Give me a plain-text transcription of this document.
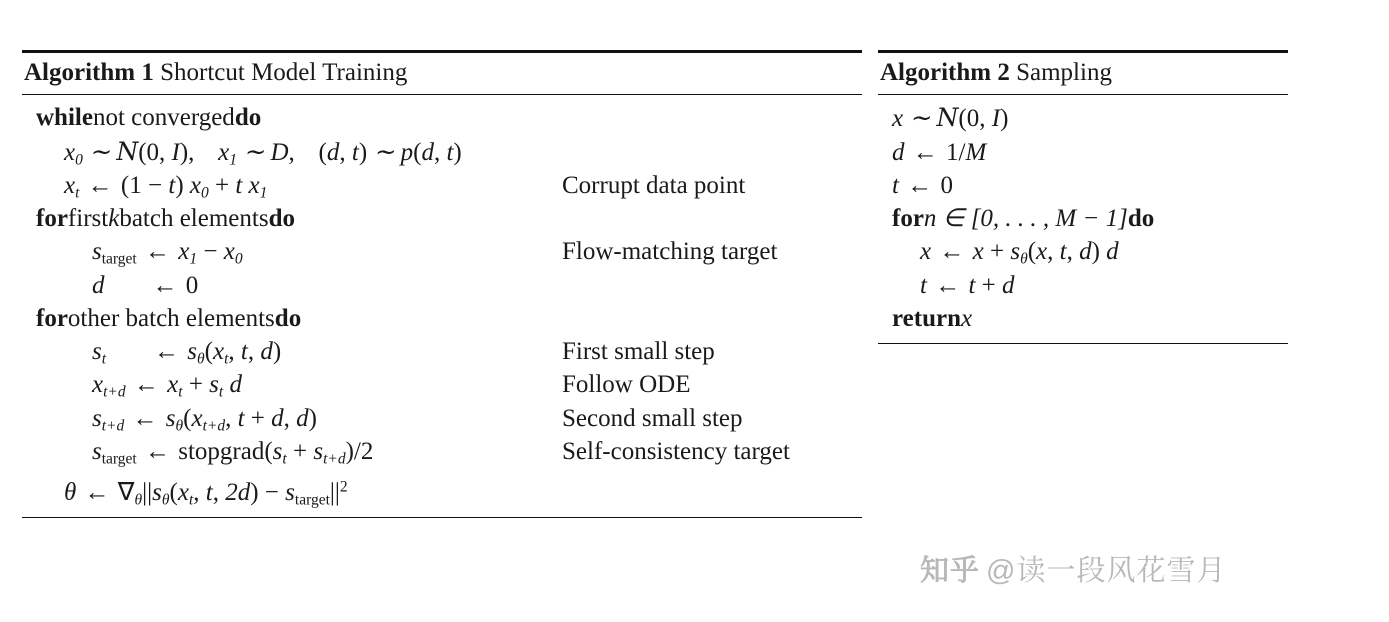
Algorithm 1 Shortcut Model Training
while not converged do
$x_0$ ∼ N(0, I), $x_1$ ∼ D, (d, t) ∼ p(d, t)
$x_t$ ← (1 − t) $x_0 + t$ $x_1$	Corrupt data point
for first k batch elements do
$s_{target}$ ← $x_1 - x_0$	Flow-matching target
d ← 0
for other batch elements do
$s_t$ ← $s_\theta(x_t$, t, d)	First small step
$x_{t+d}$ ← $x_t + s_t$ d	Follow ODE
$s_{t+d}$ ← $s_\theta(x_{t+d}$, t + d, d)	Second small step
$s_{target}$ ← $stopgrad(s_t + s_{t+d})/2$	Self-consistency target
θ ← $\nabla_\theta||s_\theta(x_t$, t, $2d) - s_{target}||^2$
Algorithm 2 Sampling
x ∼ N(0, I)
d ← 1/M
t ← 0
for n ∈ [0, . . . , M − 1] do
x ← $x + s_\theta(x$, t, d) d
t ← t + d
return x
知乎 @读一段风花雪月
